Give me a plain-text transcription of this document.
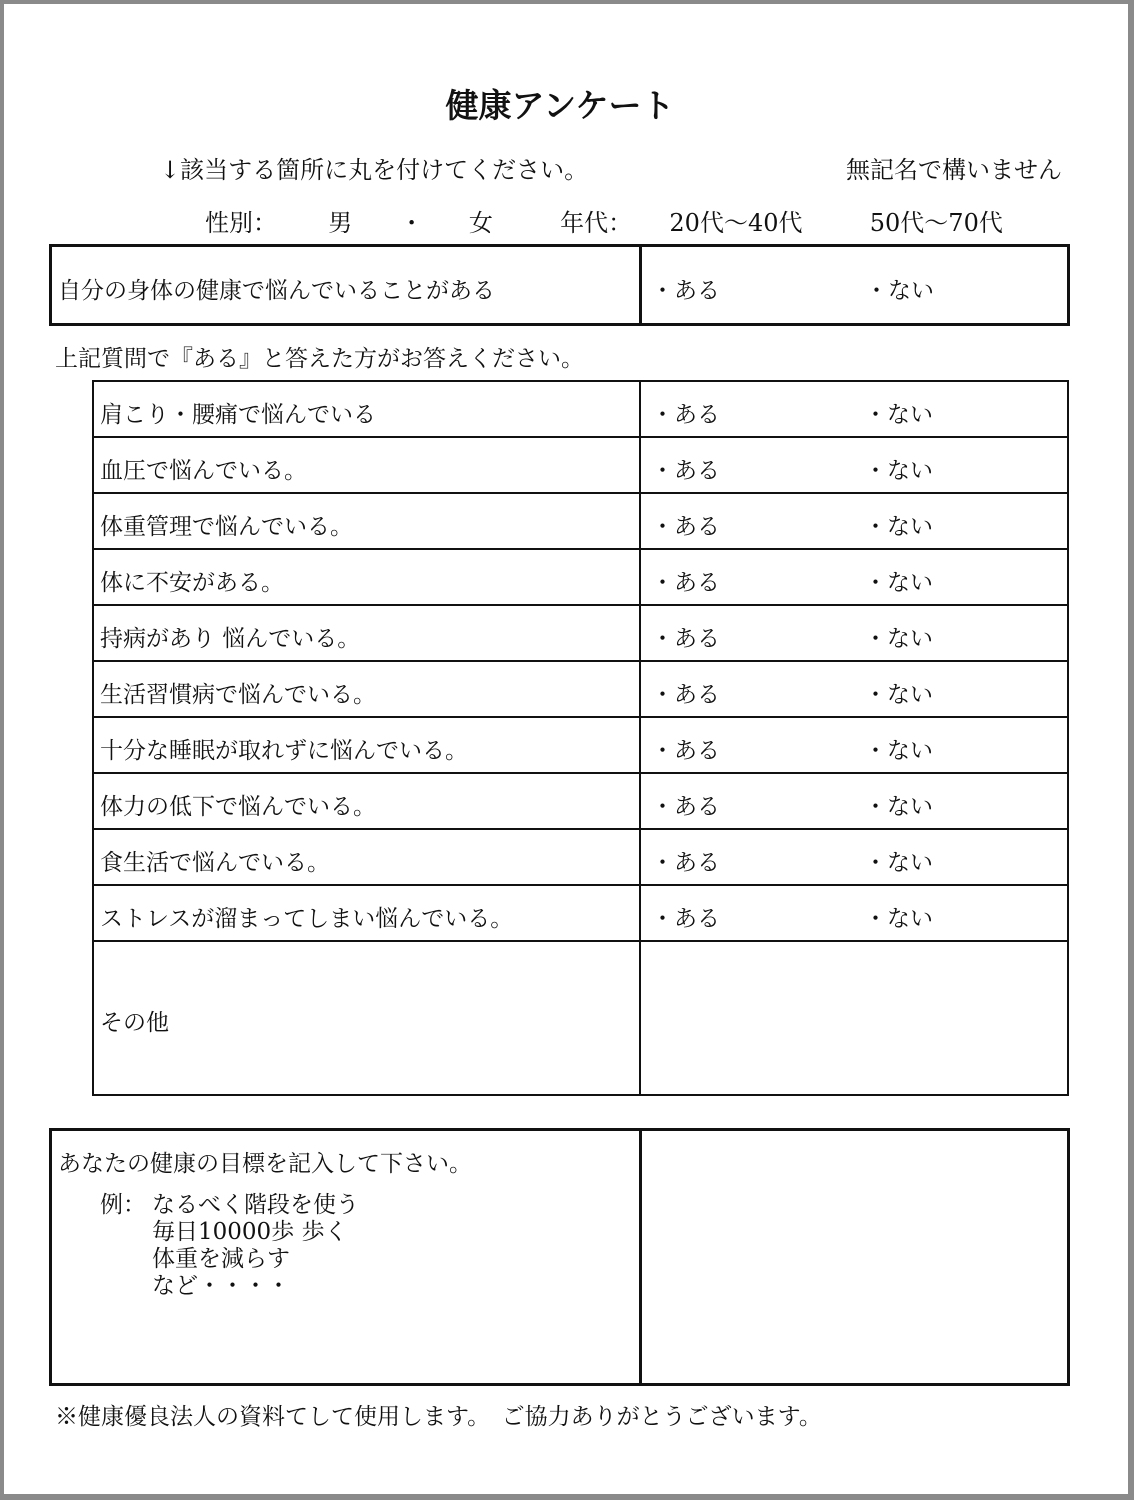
健康アンケート
↓該当する箇所に丸を付けてください。	無記名で構いません
性別： 男 ・ 女	年代： 20代～40代	50代～70代
自分の身体の健康で悩んでいることがある	・ある	・ない
上記質問で『ある』と答えた方がお答えください。
肩こり・腰痛で悩んでいる	・ある	・ない
血圧で悩んでいる。	・ある	・ない
体重管理で悩んでいる。	・ある	・ない
体に不安がある。	・ある	・ない
持病があり 悩んでいる。	・ある	・ない
生活習慣病で悩んでいる。	・ある	・ない
十分な睡眠が取れずに悩んでいる。	・ある	・ない
体力の低下で悩んでいる。	・ある	・ない
食生活で悩んでいる。	・ある	・ない
ストレスが溜まってしまい悩んでいる。	・ある	・ない
その他
あなたの健康の目標を記入して下さい。
例： なるべく階段を使う
毎日10000歩 歩く
体重を減らす
など・・・・
※健康優良法人の資料てして使用します。　ご協力ありがとうございます。
